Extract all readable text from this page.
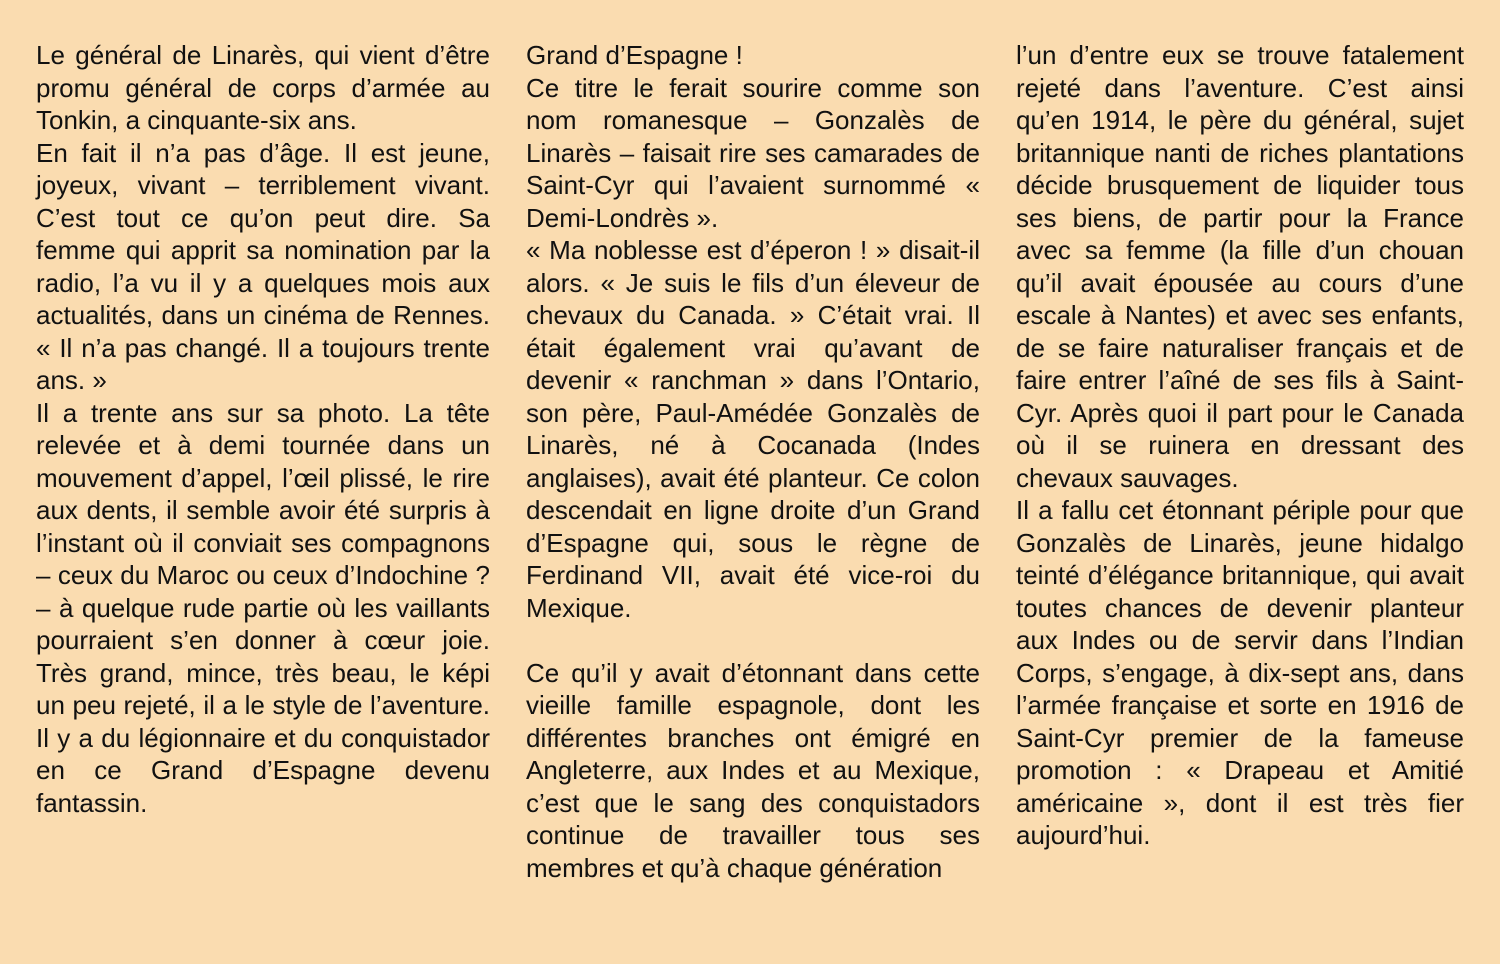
Le général de Linarès, qui vient d’être promu général de corps d’armée au Tonkin, a cinquante-six ans.

En fait il n’a pas d’âge. Il est jeune, joyeux, vivant – terriblement vivant. C’est tout ce qu’on peut dire. Sa femme qui apprit sa nomination par la radio, l’a vu il y a quelques mois aux actualités, dans un cinéma de Rennes. « Il n’a pas changé. Il a toujours trente ans. »

Il a trente ans sur sa photo. La tête relevée et à demi tournée dans un mouvement d’appel, l’œil plissé, le rire aux dents, il semble avoir été surpris à l’instant où il conviait ses compagnons – ceux du Maroc ou ceux d’Indochine ? – à quelque rude partie où les vaillants pourraient s’en donner à cœur joie. Très grand, mince, très beau, le képi un peu rejeté, il a le style de l’aventure. Il y a du légionnaire et du conquistador en ce Grand d’Espagne devenu fantassin.

Grand d’Espagne !

Ce titre le ferait sourire comme son nom romanesque – Gonzalès de Linarès – faisait rire ses camarades de Saint-Cyr qui l’avaient surnommé « Demi-Londrès ».

« Ma noblesse est d’éperon ! » disait-il alors. « Je suis le fils d’un éleveur de chevaux du Canada. » C’était vrai. Il était également vrai qu’avant de devenir « ranchman » dans l’Ontario, son père, Paul-Amédée Gonzalès de Linarès, né à Cocanada (Indes anglaises), avait été planteur. Ce colon descendait en ligne droite d’un Grand d’Espagne qui, sous le règne de Ferdinand VII, avait été vice-roi du Mexique.

Ce qu’il y avait d’étonnant dans cette vieille famille espagnole, dont les différentes branches ont émigré en Angleterre, aux Indes et au Mexique, c’est que le sang des conquistadors continue de travailler tous ses membres et qu’à chaque génération

l’un d’entre eux se trouve fatalement rejeté dans l’aventure. C’est ainsi qu’en 1914, le père du général, sujet britannique nanti de riches plantations décide brusquement de liquider tous ses biens, de partir pour la France avec sa femme (la fille d’un chouan qu’il avait épousée au cours d’une escale à Nantes) et avec ses enfants, de se faire naturaliser français et de faire entrer l’aîné de ses fils à Saint-Cyr. Après quoi il part pour le Canada où il se ruinera en dressant des chevaux sauvages.

Il a fallu cet étonnant périple pour que Gonzalès de Linarès, jeune hidalgo teinté d’élégance britannique, qui avait toutes chances de devenir planteur aux Indes ou de servir dans l’Indian Corps, s’engage, à dix-sept ans, dans l’armée française et sorte en 1916 de Saint-Cyr premier de la fameuse promotion : « Drapeau et Amitié américaine », dont il est très fier aujourd’hui.
